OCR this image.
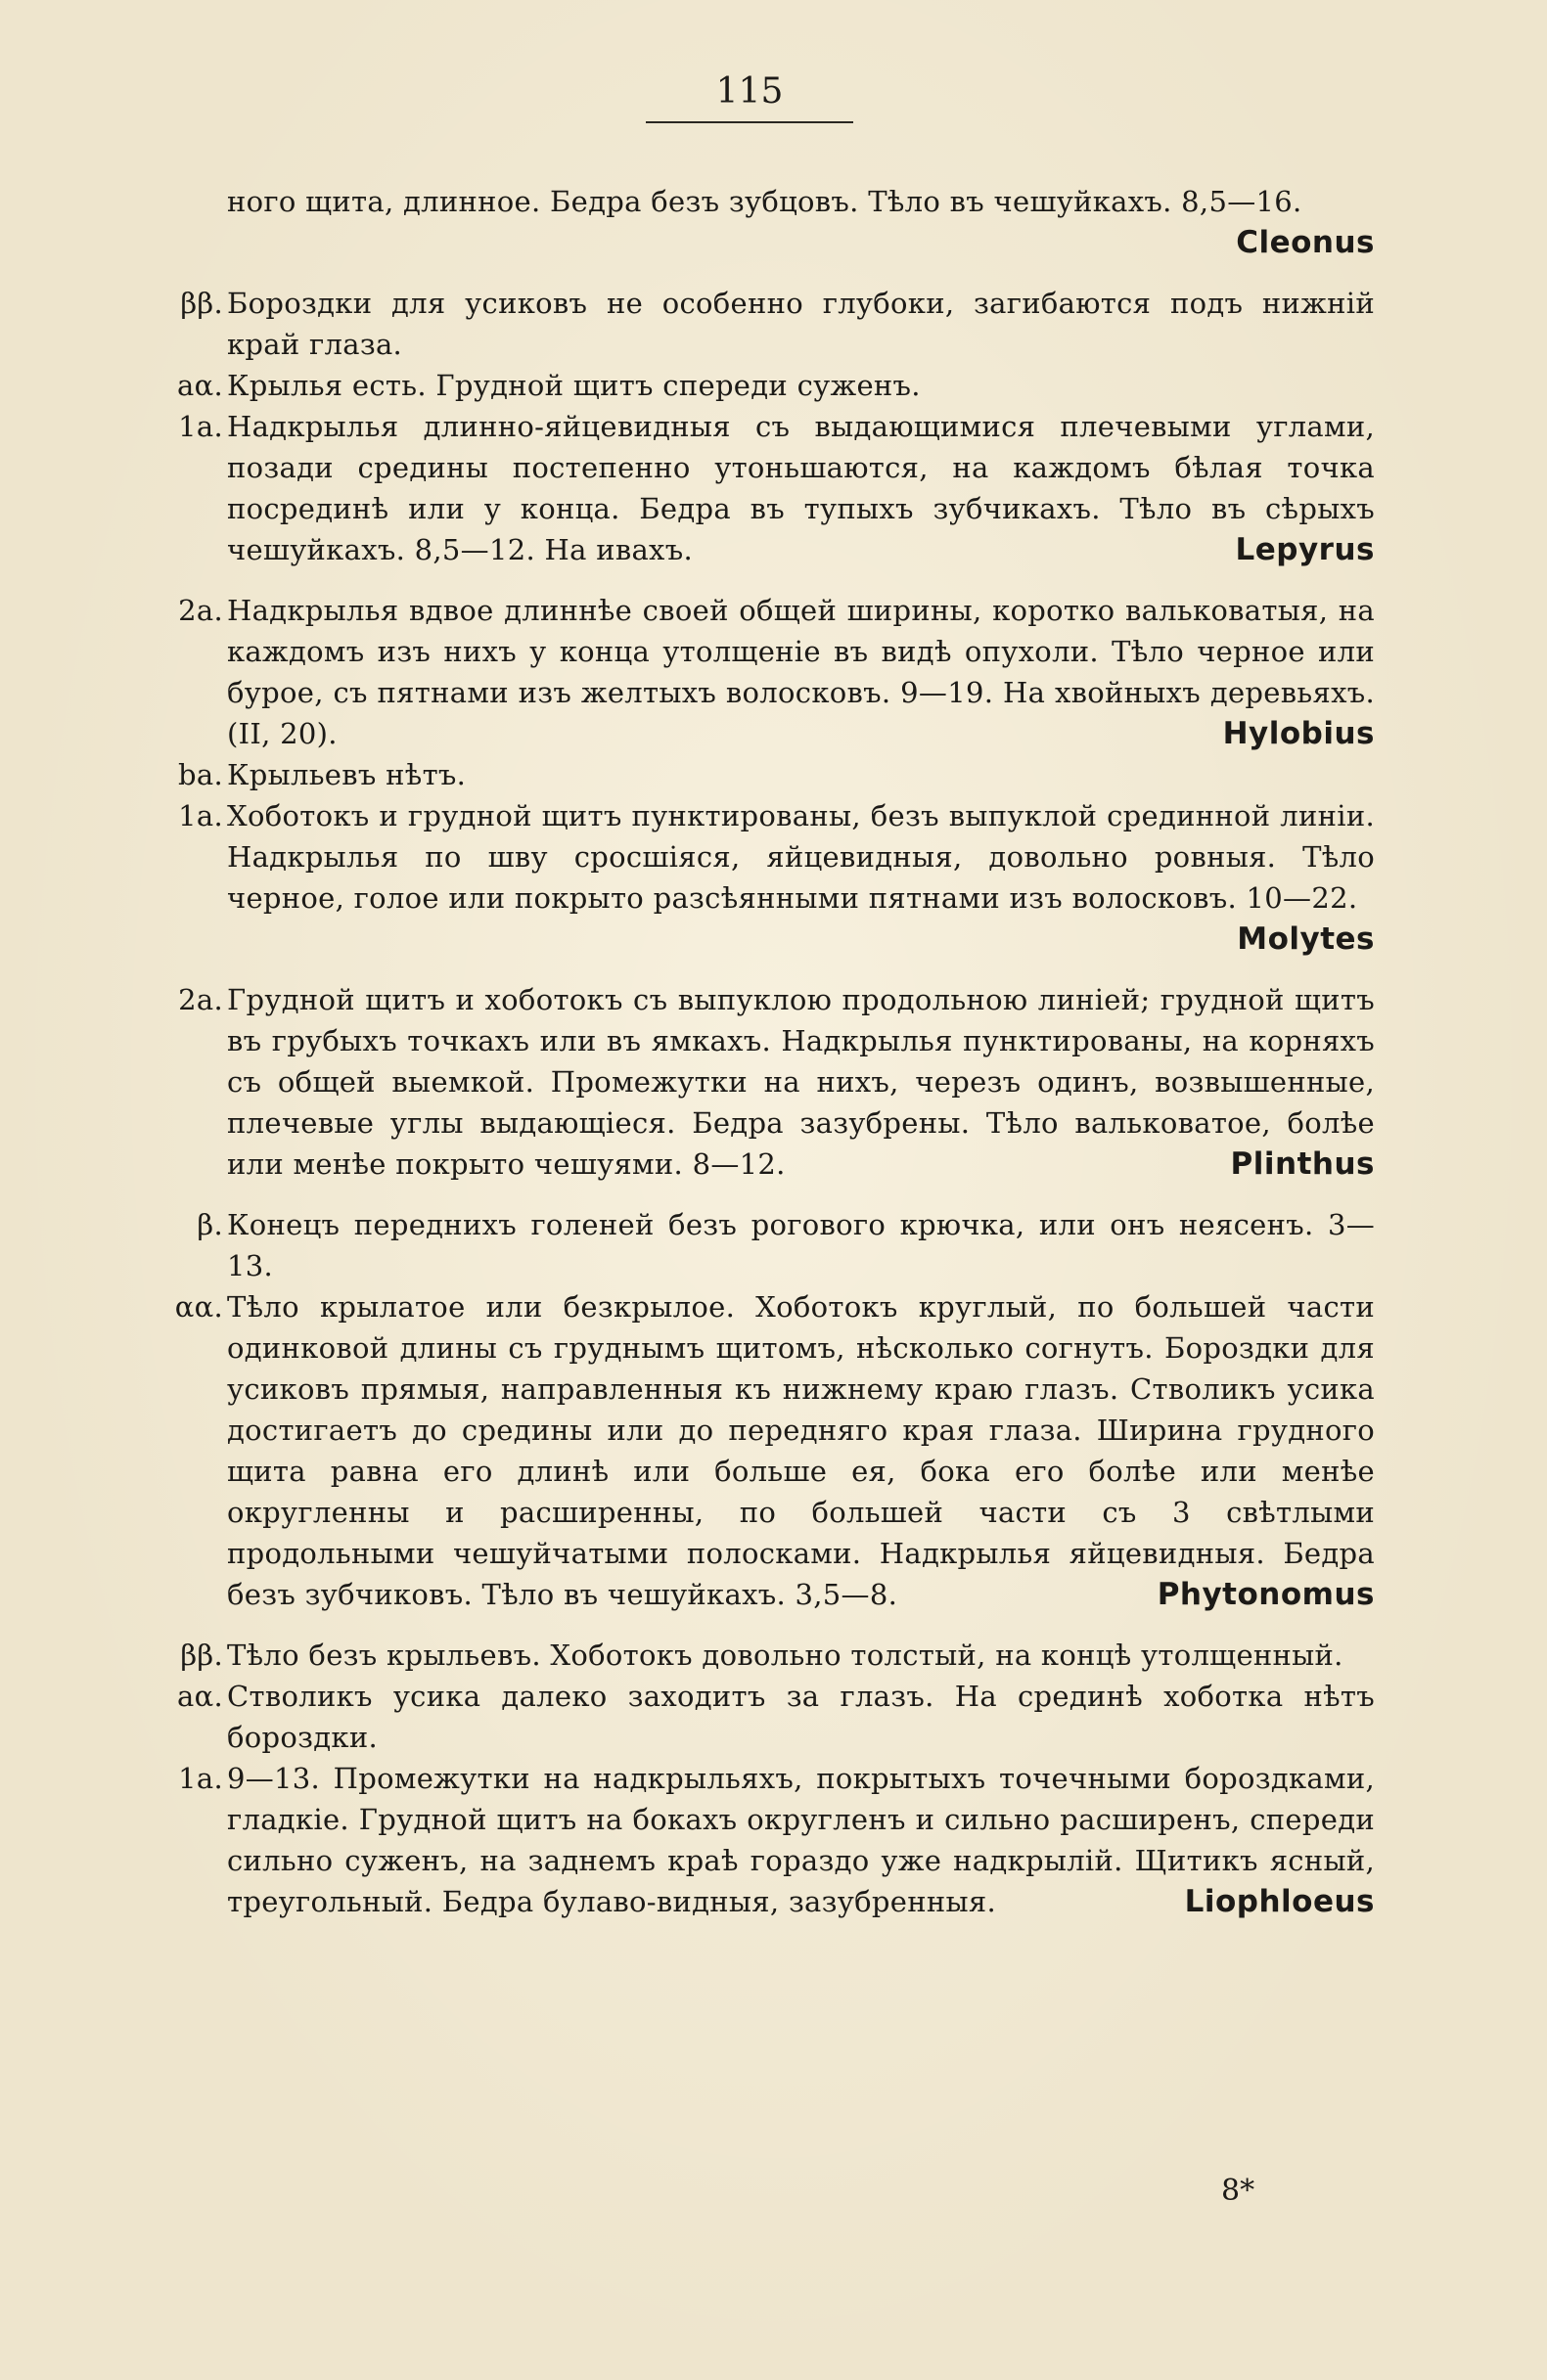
115
ного щита, длинное. Бедра безъ зубцовъ. Тѣло въ чешуйкахъ. 8,5—16.
Cleonus
ββ. Бороздки для усиковъ не особенно глубоки, загибаются подъ нижній край глаза.
aα. Крылья есть. Грудной щитъ спереди суженъ.
1a. Надкрылья длинно-яйцевидныя съ выдающимися плечевыми углами, позади средины постепенно утоньшаются, на каждомъ бѣлая точка посрединѣ или у конца. Бедра въ тупыхъ зубчикахъ. Тѣло въ сѣрыхъ чешуйкахъ. 8,5—12. На ивахъ.	Lepyrus
2a. Надкрылья вдвое длиннѣе своей общей ширины, коротко вальковатыя, на каждомъ изъ нихъ у конца утолщеніе въ видѣ опухоли. Тѣло черное или бурое, съ пятнами изъ желтыхъ волосковъ. 9—19. На хвойныхъ деревьяхъ. (II, 20).	Hylobius
ba. Крыльевъ нѣтъ.
1a. Хоботокъ и грудной щитъ пунктированы, безъ выпуклой срединной линіи. Надкрылья по шву сросшіяся, яйцевидныя, довольно ровныя. Тѣло черное, голое или покрыто разсѣянными пятнами изъ волосковъ. 10—22.
Molytes
2a. Грудной щитъ и хоботокъ съ выпуклою продольною линіей; грудной щитъ въ грубыхъ точкахъ или въ ямкахъ. Надкрылья пунктированы, на корняхъ съ общей выемкой. Промежутки на нихъ, черезъ одинъ, возвышенные, плечевые углы выдающіеся. Бедра зазубрены. Тѣло вальковатое, болѣе или менѣе покрыто чешуями. 8—12.	Plinthus
β. Конецъ переднихъ голеней безъ рогового крючка, или онъ неясенъ. 3—13.
αα. Тѣло крылатое или безкрылое. Хоботокъ круглый, по большей части одинковой длины съ груднымъ щитомъ, нѣсколько согнутъ. Бороздки для усиковъ прямыя, направленныя къ нижнему краю глазъ. Стволикъ усика достигаетъ до средины или до передняго края глаза. Ширина грудного щита равна его длинѣ или больше ея, бока его болѣе или менѣе округленны и расширенны, по большей части съ 3 свѣтлыми продольными чешуйчатыми полосками. Надкрылья яйцевидныя. Бедра безъ зубчиковъ. Тѣло въ чешуйкахъ. 3,5—8.	Phytonomus
ββ. Тѣло безъ крыльевъ. Хоботокъ довольно толстый, на концѣ утолщенный.
aα. Стволикъ усика далеко заходитъ за глазъ. На срединѣ хоботка нѣтъ бороздки.
1a. 9—13. Промежутки на надкрыльяхъ, покрытыхъ точечными бороздками, гладкіе. Грудной щитъ на бокахъ округленъ и сильно расширенъ, спереди сильно суженъ, на заднемъ краѣ гораздо уже надкрылій. Щитикъ ясный, треугольный. Бедра булаво-видныя, зазубренныя.	Liophloeus
8*
